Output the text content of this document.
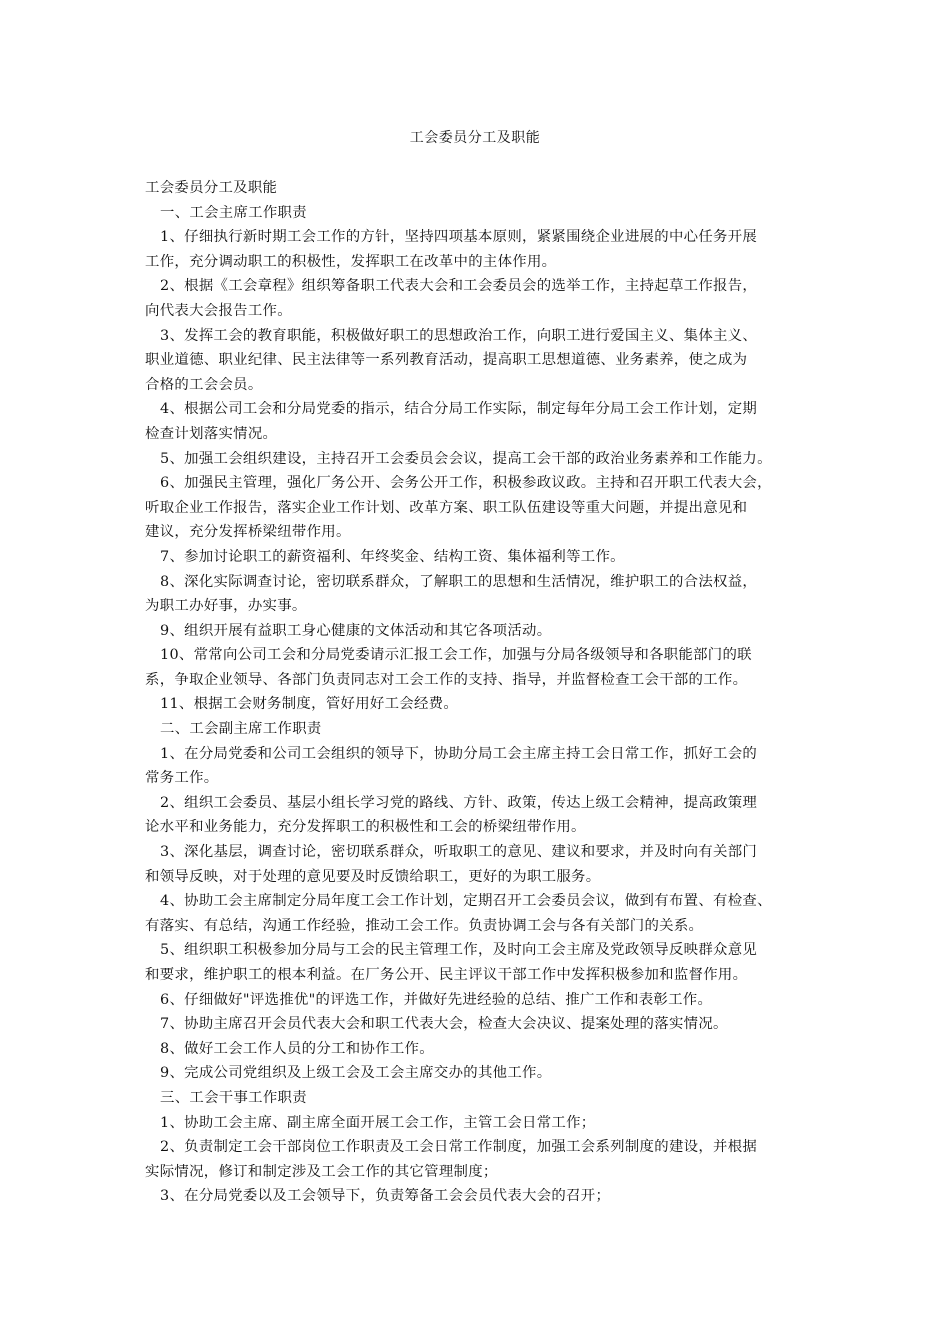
工会委员分工及职能
工会委员分工及职能
一、工会主席工作职责
1、仔细执行新时期工会工作的方针，坚持四项基本原则，紧紧围绕企业进展的中心任务开展
工作，充分调动职工的积极性，发挥职工在改革中的主体作用。
2、根据《工会章程》组织筹备职工代表大会和工会委员会的选举工作，主持起草工作报告，
向代表大会报告工作。
3、发挥工会的教育职能，积极做好职工的思想政治工作，向职工进行爱国主义、集体主义、
职业道德、职业纪律、民主法律等一系列教育活动，提高职工思想道德、业务素养，使之成为
合格的工会会员。
4、根据公司工会和分局党委的指示，结合分局工作实际，制定每年分局工会工作计划，定期
检查计划落实情况。
5、加强工会组织建设，主持召开工会委员会会议，提高工会干部的政治业务素养和工作能力。
6、加强民主管理，强化厂务公开、会务公开工作，积极参政议政。主持和召开职工代表大会，
听取企业工作报告，落实企业工作计划、改革方案、职工队伍建设等重大问题，并提出意见和
建议，充分发挥桥梁纽带作用。
7、参加讨论职工的薪资福利、年终奖金、结构工资、集体福利等工作。
8、深化实际调查讨论，密切联系群众，了解职工的思想和生活情况，维护职工的合法权益，
为职工办好事，办实事。
9、组织开展有益职工身心健康的文体活动和其它各项活动。
10、常常向公司工会和分局党委请示汇报工会工作，加强与分局各级领导和各职能部门的联
系，争取企业领导、各部门负责同志对工会工作的支持、指导，并监督检查工会干部的工作。
11、根据工会财务制度，管好用好工会经费。
二、工会副主席工作职责
1、在分局党委和公司工会组织的领导下，协助分局工会主席主持工会日常工作，抓好工会的
常务工作。
2、组织工会委员、基层小组长学习党的路线、方针、政策，传达上级工会精神，提高政策理
论水平和业务能力，充分发挥职工的积极性和工会的桥梁纽带作用。
3、深化基层，调查讨论，密切联系群众，听取职工的意见、建议和要求，并及时向有关部门
和领导反映，对于处理的意见要及时反馈给职工，更好的为职工服务。
4、协助工会主席制定分局年度工会工作计划，定期召开工会委员会议，做到有布置、有检查、
有落实、有总结，沟通工作经验，推动工会工作。负责协调工会与各有关部门的关系。
5、组织职工积极参加分局与工会的民主管理工作，及时向工会主席及党政领导反映群众意见
和要求，维护职工的根本利益。在厂务公开、民主评议干部工作中发挥积极参加和监督作用。
6、仔细做好"评选推优"的评选工作，并做好先进经验的总结、推广工作和表彰工作。
7、协助主席召开会员代表大会和职工代表大会，检查大会决议、提案处理的落实情况。
8、做好工会工作人员的分工和协作工作。
9、完成公司党组织及上级工会及工会主席交办的其他工作。
三、工会干事工作职责
1、协助工会主席、副主席全面开展工会工作，主管工会日常工作；
2、负责制定工会干部岗位工作职责及工会日常工作制度，加强工会系列制度的建设，并根据
实际情况，修订和制定涉及工会工作的其它管理制度；
3、在分局党委以及工会领导下，负责筹备工会会员代表大会的召开；
